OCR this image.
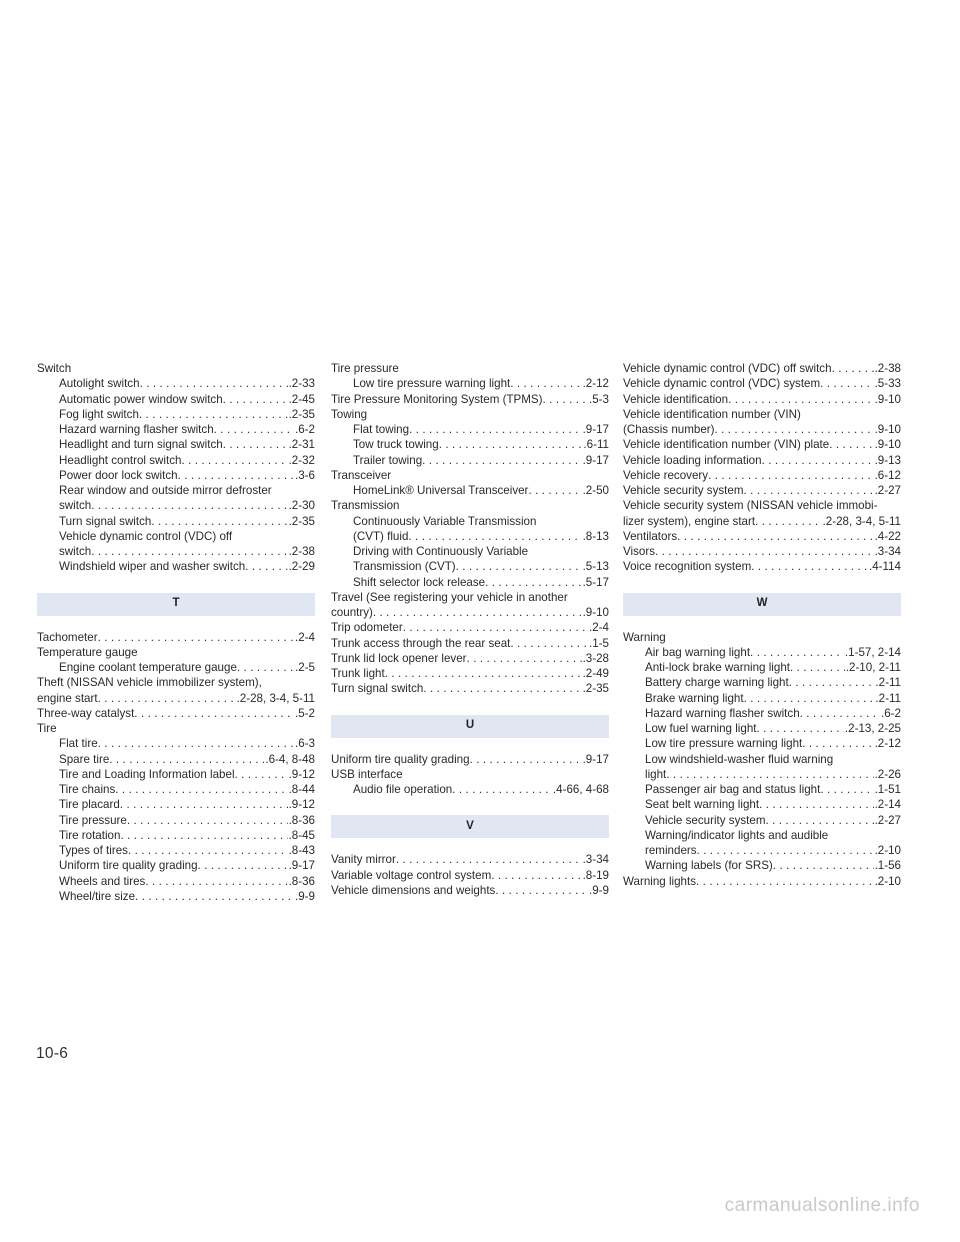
Switch
Autolight switch . . .	.2-33
Automatic power window switch . . .	.2-45
Fog light switch . . .	.2-35
Hazard warning flasher switch . . .	.6-2
Headlight and turn signal switch . . .	.2-31
Headlight control switch . . .	.2-32
Power door lock switch . . .	.3-6
Rear window and outside mirror defroster
switch . . .	.2-30
Turn signal switch . . .	.2-35
Vehicle dynamic control (VDC) off
switch . . .	.2-38
Windshield wiper and washer switch . . .	.2-29
T
Tachometer . . .	.2-4
Temperature gauge
Engine coolant temperature gauge . . .	.2-5
Theft (NISSAN vehicle immobilizer system),
engine start . . .	.2-28, 3-4, 5-11
Three-way catalyst . . .	.5-2
Tire
Flat tire . . .	.6-3
Spare tire . . .	.6-4, 8-48
Tire and Loading Information label . . .	.9-12
Tire chains . . .	.8-44
Tire placard . . .	.9-12
Tire pressure . . .	.8-36
Tire rotation . . .	.8-45
Types of tires . . .	.8-43
Uniform tire quality grading . . .	.9-17
Wheels and tires . . .	.8-36
Wheel/tire size . . .	.9-9
Tire pressure
Low tire pressure warning light . . .	.2-12
Tire Pressure Monitoring System (TPMS) . . .	.5-3
Towing
Flat towing . . .	.9-17
Tow truck towing . . .	.6-11
Trailer towing . . .	.9-17
Transceiver
HomeLink® Universal Transceiver . . .	.2-50
Transmission
Continuously Variable Transmission
(CVT) fluid . . .	.8-13
Driving with Continuously Variable
Transmission (CVT) . . .	.5-13
Shift selector lock release . . .	.5-17
Travel (See registering your vehicle in another
country) . . .	.9-10
Trip odometer . . .	.2-4
Trunk access through the rear seat . . .	.1-5
Trunk lid lock opener lever . . .	.3-28
Trunk light . . .	.2-49
Turn signal switch . . .	.2-35
U
Uniform tire quality grading . . .	.9-17
USB interface
Audio file operation . . .	.4-66, 4-68
V
Vanity mirror . . .	.3-34
Variable voltage control system . . .	.8-19
Vehicle dimensions and weights . . .	.9-9
Vehicle dynamic control (VDC) off switch . . .	.2-38
Vehicle dynamic control (VDC) system . . .	.5-33
Vehicle identification . . .	.9-10
Vehicle identification number (VIN)
(Chassis number) . . .	.9-10
Vehicle identification number (VIN) plate . . .	.9-10
Vehicle loading information . . .	.9-13
Vehicle recovery . . .	.6-12
Vehicle security system . . .	.2-27
Vehicle security system (NISSAN vehicle immobi-
lizer system), engine start . . .	.2-28, 3-4, 5-11
Ventilators . . .	.4-22
Visors . . .	.3-34
Voice recognition system . . .	.4-114
W
Warning
Air bag warning light . . .	.1-57, 2-14
Anti-lock brake warning light . . .	.2-10, 2-11
Battery charge warning light . . .	.2-11
Brake warning light . . .	.2-11
Hazard warning flasher switch . . .	.6-2
Low fuel warning light . . .	.2-13, 2-25
Low tire pressure warning light . . .	.2-12
Low windshield-washer fluid warning
light . . .	.2-26
Passenger air bag and status light . . .	.1-51
Seat belt warning light . . .	.2-14
Vehicle security system . . .	.2-27
Warning/indicator lights and audible
reminders . . .	.2-10
Warning labels (for SRS) . . .	.1-56
Warning lights . . .	.2-10
10-6
carmanualsonline.info
